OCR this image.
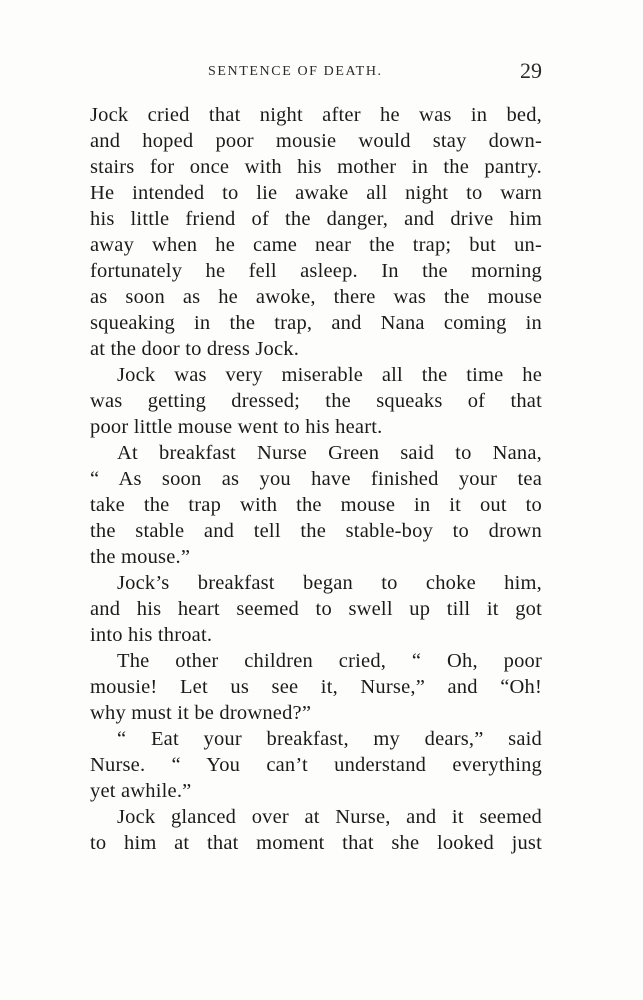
SENTENCE OF DEATH.	29
Jock cried that night after he was in bed,
and hoped poor mousie would stay down-
stairs for once with his mother in the pantry.
He intended to lie awake all night to warn
his little friend of the danger, and drive him
away when he came near the trap; but un-
fortunately he fell asleep. In the morning
as soon as he awoke, there was the mouse
squeaking in the trap, and Nana coming in
at the door to dress Jock.
Jock was very miserable all the time he
was getting dressed; the squeaks of that
poor little mouse went to his heart.
At breakfast Nurse Green said to Nana,
“ As soon as you have finished your tea
take the trap with the mouse in it out to
the stable and tell the stable-boy to drown
the mouse.”
Jock’s breakfast began to choke him,
and his heart seemed to swell up till it got
into his throat.
The other children cried, “ Oh, poor
mousie! Let us see it, Nurse,” and “Oh!
why must it be drowned?”
“ Eat your breakfast, my dears,” said
Nurse. “ You can’t understand everything
yet awhile.”
Jock glanced over at Nurse, and it seemed
to him at that moment that she looked just
